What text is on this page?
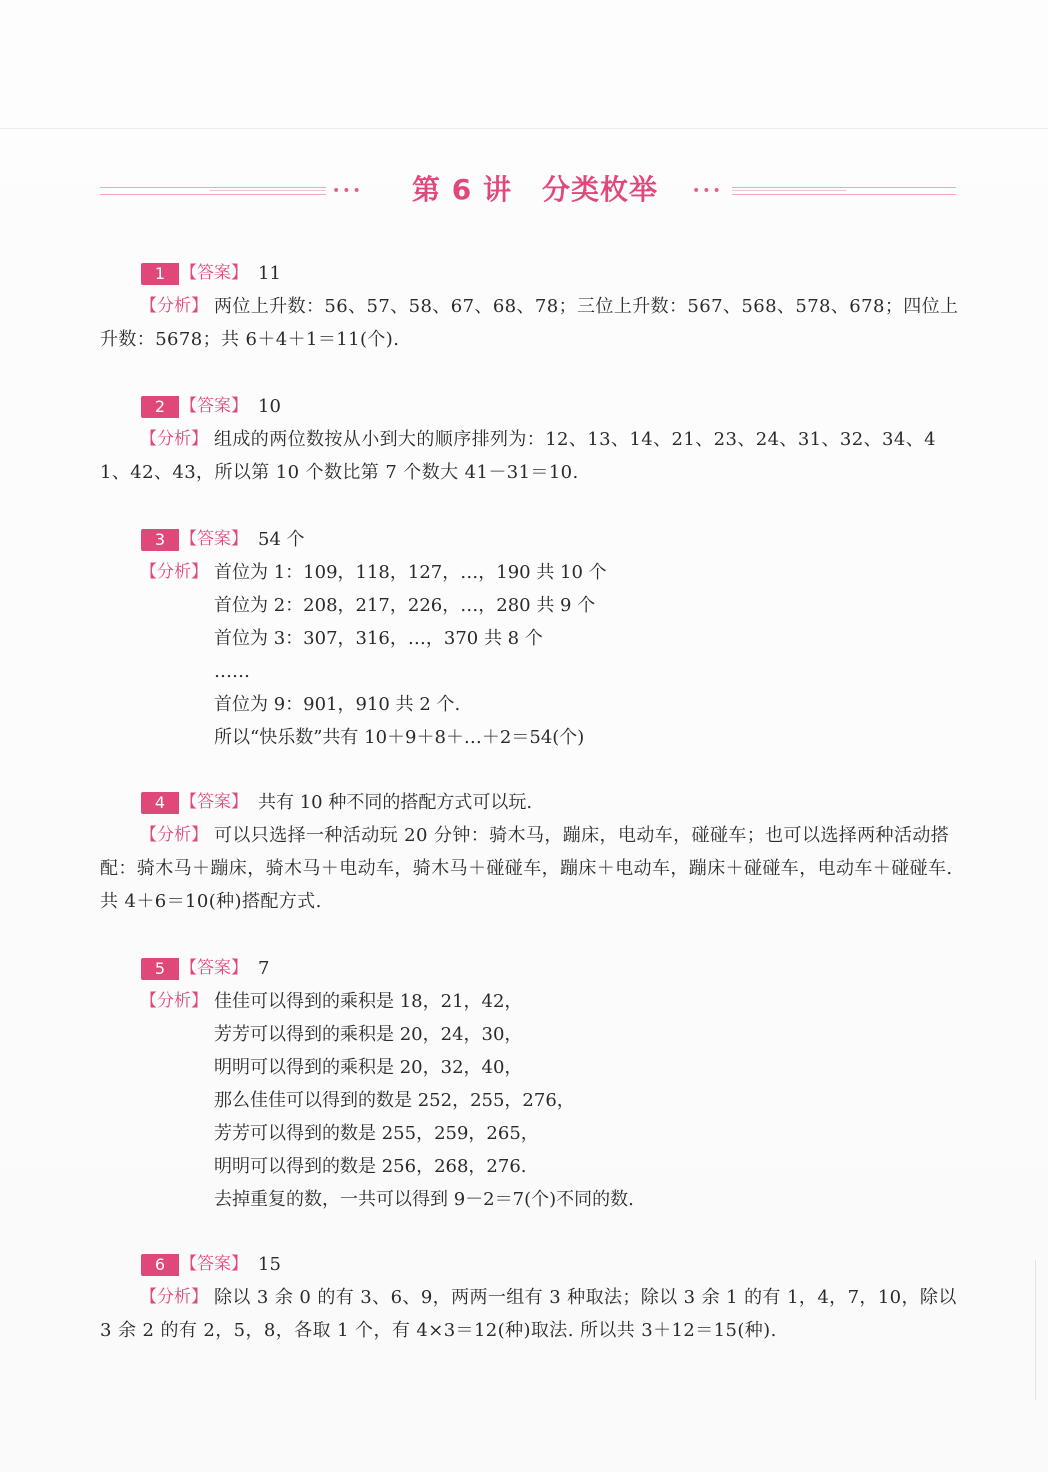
•••	第 6 讲 分类枚举	•••
1 【答案】 11
【分析】 两位上升数：56、57、58、67、68、78；三位上升数：567、568、578、678；四位上升数：5678；共 6＋4＋1＝11(个).

2 【答案】 10
【分析】 组成的两位数按从小到大的顺序排列为：12、13、14、21、23、24、31、32、34、41、42、43，所以第 10 个数比第 7 个数大 41－31＝10.

3 【答案】 54 个
【分析】 首位为 1：109，118，127，…，190 共 10 个
首位为 2：208，217，226，…，280 共 9 个
首位为 3：307，316，…，370 共 8 个
……
首位为 9：901，910 共 2 个.
所以“快乐数”共有 10＋9＋8＋…＋2＝54(个)
4 【答案】 共有 10 种不同的搭配方式可以玩.
【分析】 可以只选择一种活动玩 20 分钟：骑木马，蹦床，电动车，碰碰车；也可以选择两种活动搭配：骑木马＋蹦床，骑木马＋电动车，骑木马＋碰碰车，蹦床＋电动车，蹦床＋碰碰车，电动车＋碰碰车. 共 4＋6＝10(种)搭配方式.

5 【答案】 7
【分析】 佳佳可以得到的乘积是 18，21，42，
芳芳可以得到的乘积是 20，24，30，
明明可以得到的乘积是 20，32，40，
那么佳佳可以得到的数是 252，255，276，
芳芳可以得到的数是 255，259，265，
明明可以得到的数是 256，268，276.
去掉重复的数，一共可以得到 9－2＝7(个)不同的数.
6 【答案】 15
【分析】 除以 3 余 0 的有 3、6、9，两两一组有 3 种取法；除以 3 余 1 的有 1，4，7，10，除以 3 余 2 的有 2，5，8，各取 1 个，有 4×3＝12(种)取法. 所以共 3＋12＝15(种).
